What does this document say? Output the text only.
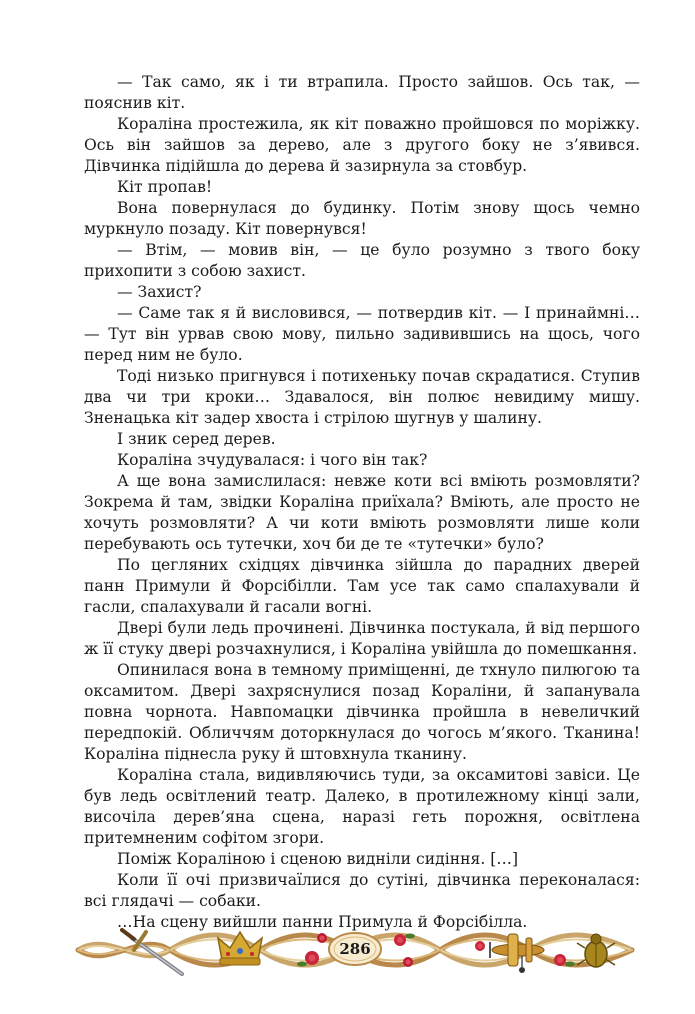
— Так само, як і ти втрапила. Просто зайшов. Ось так, — пояснив кіт.

Кораліна простежила, як кіт поважно пройшовся по моріжку. Ось він зайшов за дерево, але з другого боку не з’явився. Дівчинка підійшла до дерева й зазирнула за стовбур.

Кіт пропав!

Вона повернулася до будинку. Потім знову щось чемно муркнуло позаду. Кіт повернувся!

— Втім, — мовив він, — це було розумно з твого боку прихопити з собою захист.

— Захист?

— Саме так я й висловився, — потвердив кіт. — І принаймні… — Тут він урвав свою мову, пильно задивившись на щось, чого перед ним не було.

Тоді низько пригнувся і потихеньку почав скрадатися. Ступив два чи три кроки… Здавалося, він полює невидиму мишу. Зненацька кіт задер хвоста і стрілою шугнув у шалину.

І зник серед дерев.

Кораліна зчудувалася: і чого він так?

А ще вона замислилася: невже коти всі вміють розмовляти? Зокрема й там, звідки Кораліна приїхала? Вміють, але просто не хочуть розмовляти? А чи коти вміють розмовляти лише коли перебувають ось тутечки, хоч би де те «тутечки» було?

По цегляних східцях дівчинка зійшла до парадних дверей панн Примули й Форсібілли. Там усе так само спалахували й гасли, спалахували й гасали вогні.

Двері були ледь прочинені. Дівчинка постукала, й від першого ж її стуку двері розчахнулися, і Кораліна увійшла до помешкання.

Опинилася вона в темному приміщенні, де тхнуло пилюгою та оксамитом. Двері захряснулися позад Кораліни, й запанувала повна чорнота. Навпомацки дівчинка пройшла в невеличкий передпокій. Обличчям доторкнулася до чогось м’якого. Тканина! Кораліна піднесла руку й штовхнула тканину.

Кораліна стала, видивляючись туди, за оксамитові завіси. Це був ледь освітлений театр. Далеко, в протилежному кінці зали, височіла дерев’яна сцена, наразі геть порожня, освітлена притемненим софітом згори.

Поміж Кораліною і сценою видніли сидіння. […]

Коли її очі призвичаїлися до сутіні, дівчинка переконалася: всі глядачі — собаки.

…На сцену вийшли панни Примула й Форсібілла.

286
